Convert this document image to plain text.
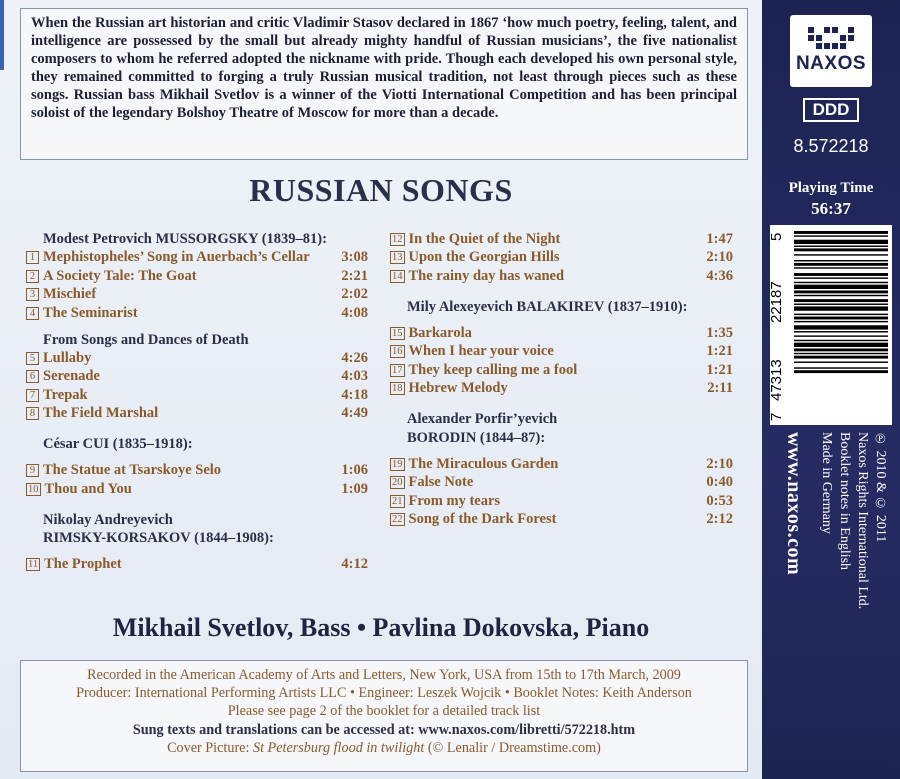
When the Russian art historian and critic Vladimir Stasov declared in 1867 ‘how much poetry, feeling, talent, and intelligence are possessed by the small but already mighty handful of Russian musicians’, the five nationalist composers to whom he referred adopted the nickname with pride. Though each developed his own personal style, they remained committed to forging a truly Russian musical tradition, not least through pieces such as these songs. Russian bass Mikhail Svetlov is a winner of the Viotti International Competition and has been principal soloist of the legendary Bolshoy Theatre of Moscow for more than a decade.
RUSSIAN SONGS
Modest Petrovich MUSSORGSKY (1839–81):
1 Mephistopheles’ Song in Auerbach’s Cellar	3:08
2 A Society Tale: The Goat	2:21
3 Mischief	2:02
4 The Seminarist	4:08
From Songs and Dances of Death
5 Lullaby	4:26
6 Serenade	4:03
7 Trepak	4:18
8 The Field Marshal	4:49
César CUI (1835–1918):
9 The Statue at Tsarskoye Selo	1:06
10 Thou and You	1:09
Nikolay Andreyevich
RIMSKY-KORSAKOV (1844–1908):
11 The Prophet	4:12
12 In the Quiet of the Night	1:47
13 Upon the Georgian Hills	2:10
14 The rainy day has waned	4:36
Mily Alexeyevich BALAKIREV (1837–1910):
15 Barkarola	1:35
16 When I hear your voice	1:21
17 They keep calling me a fool	1:21
18 Hebrew Melody	2:11
Alexander Porfir’yevich
BORODIN (1844–87):
19 The Miraculous Garden	2:10
20 False Note	0:40
21 From my tears	0:53
22 Song of the Dark Forest	2:12
Mikhail Svetlov, Bass • Pavlina Dokovska, Piano
Recorded in the American Academy of Arts and Letters, New York, USA from 15th to 17th March, 2009
Producer: International Performing Artists LLC • Engineer: Leszek Wojcik • Booklet Notes: Keith Anderson
Please see page 2 of the booklet for a detailed track list
Sung texts and translations can be accessed at: www.naxos.com/libretti/572218.htm
Cover Picture: St Petersburg flood in twilight (© Lenalir / Dreamstime.com)
NAXOS
DDD
8.572218
Playing Time
56:37
7
47313
22187
5
www.naxos.com Made in Germany Booklet notes in English Naxos Rights International Ltd. ℗ 2010 & © 2011
